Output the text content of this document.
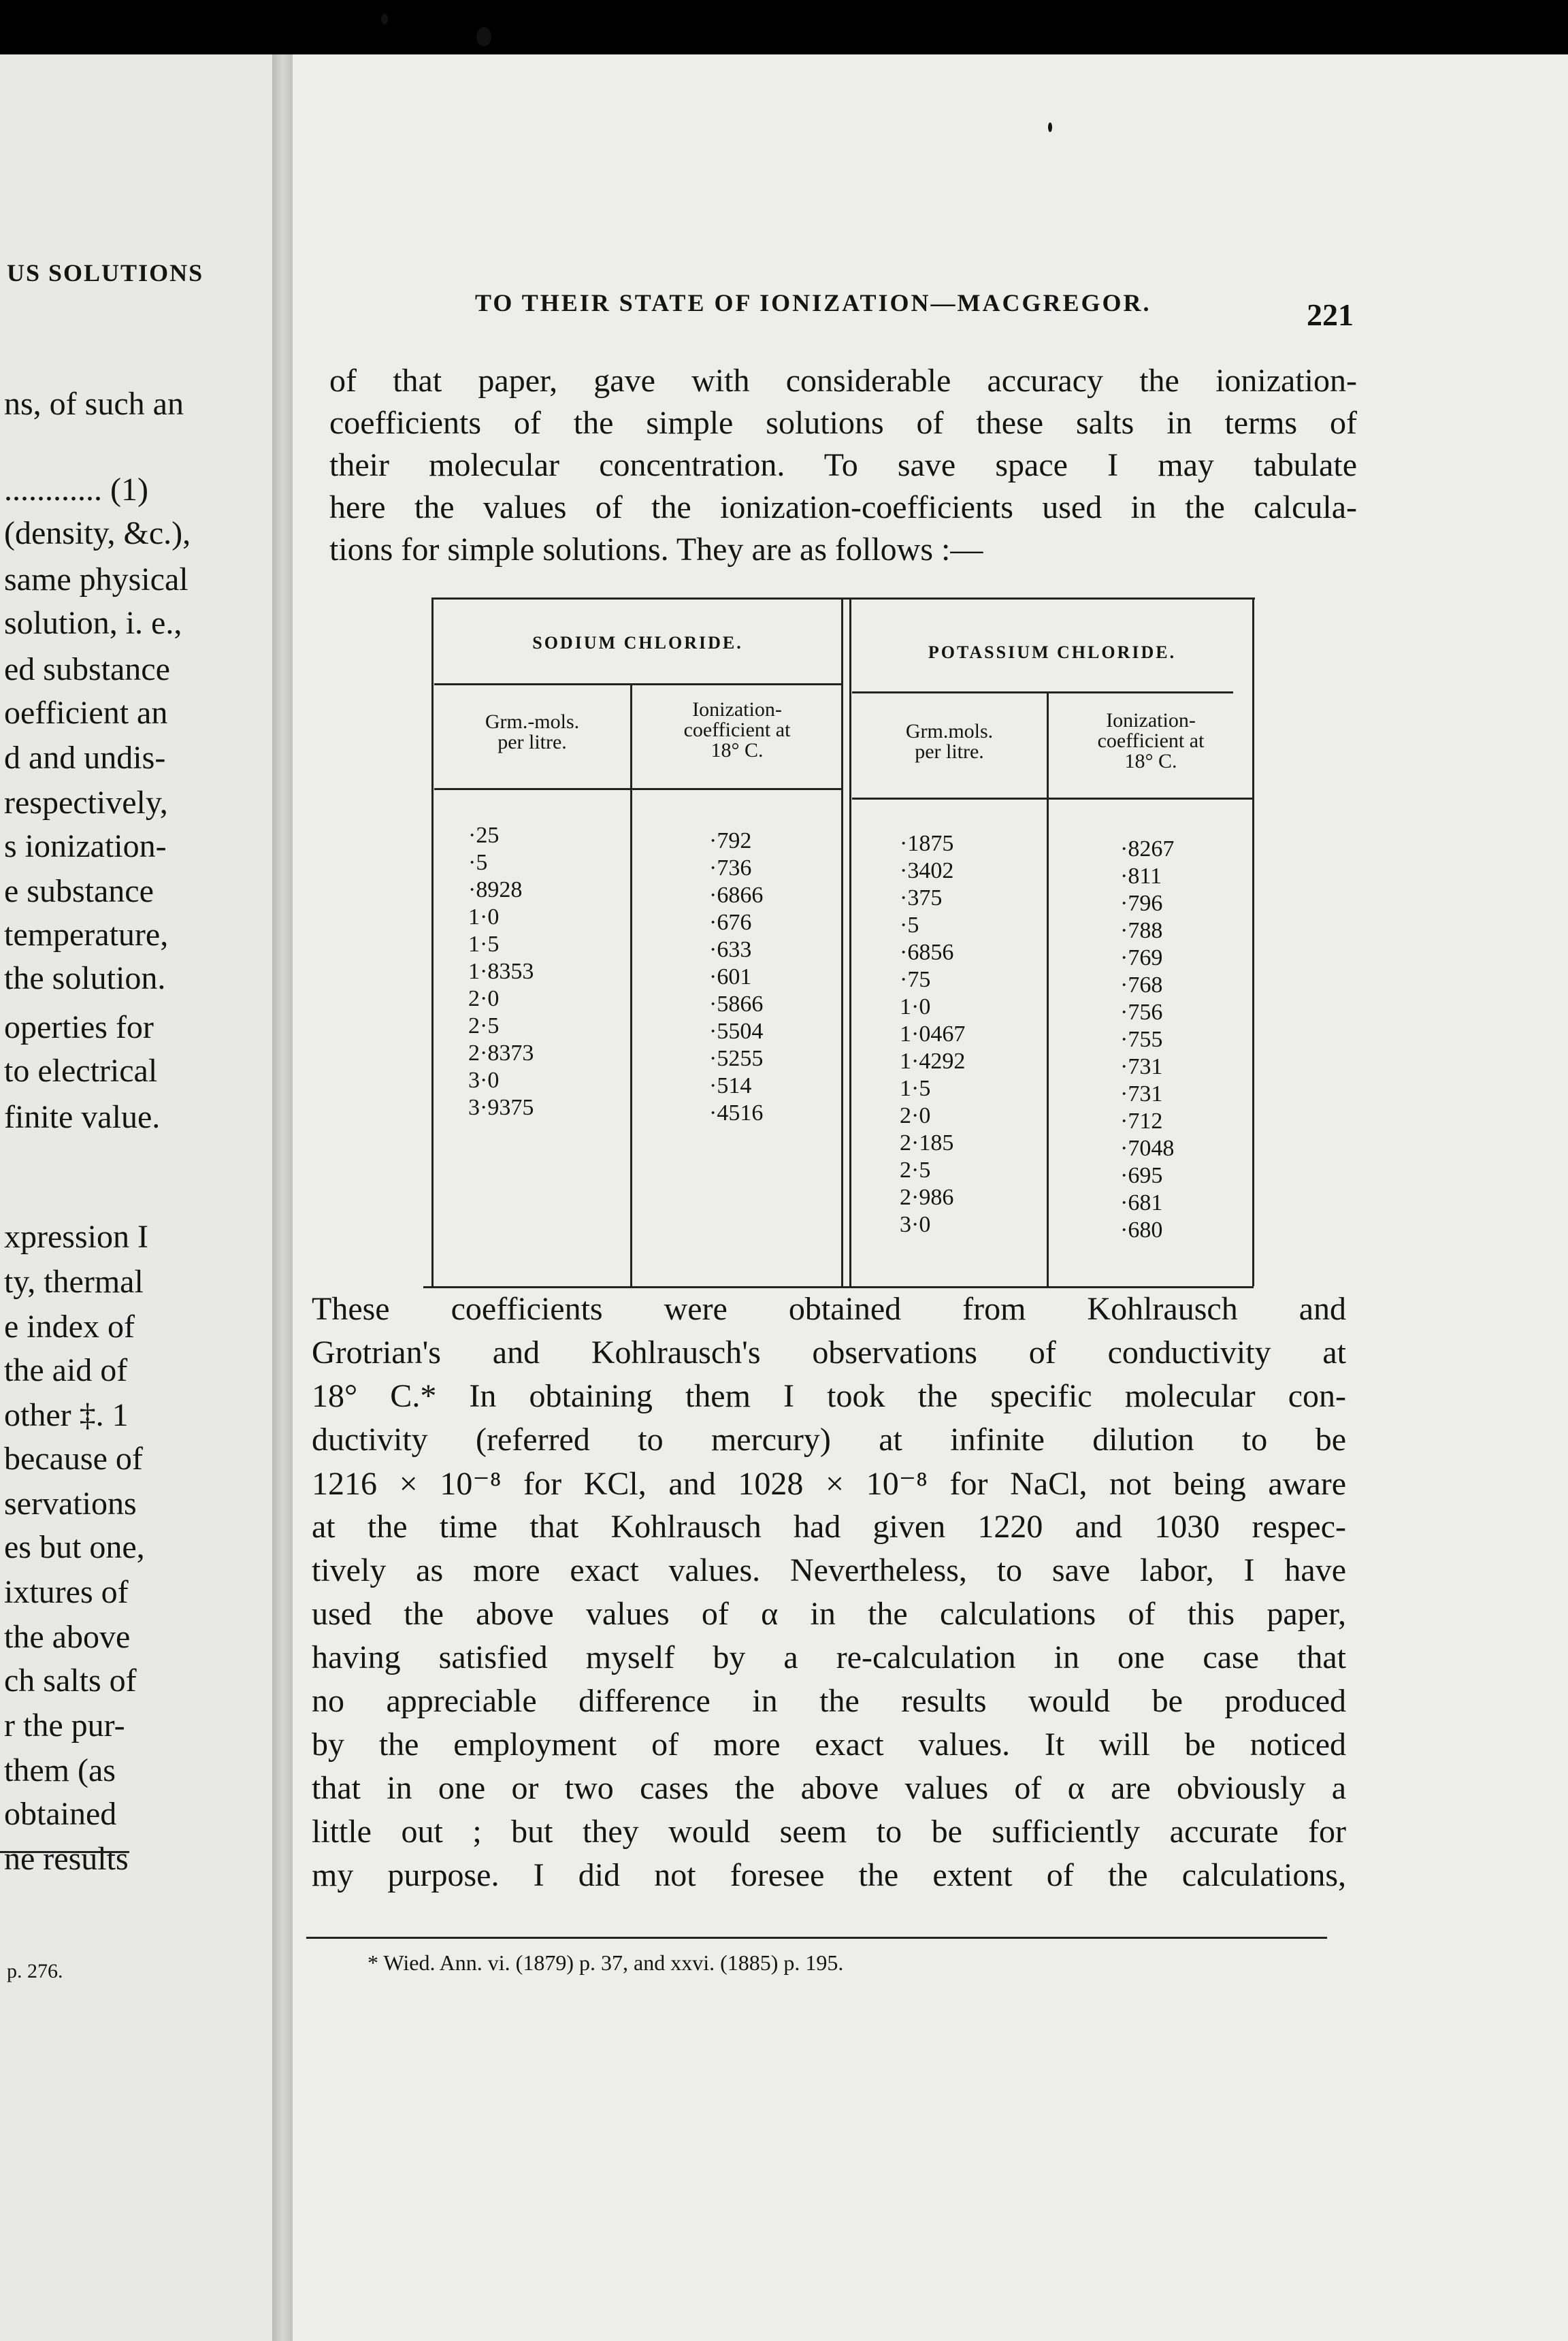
US SOLUTIONS
ns, of such an
............ (1)
(density, &c.),
same physical
solution, i. e.,
ed substance
oefficient an
d and undis-
respectively,
s ionization-
e substance
temperature,
the solution.
operties for
to electrical
finite value.
xpression I
ty, thermal
e index of
the aid of
other ‡. 1
because of
servations
es but one,
ixtures of
the above
ch salts of
r the pur-
them (as
obtained
ne results
p. 276.
TO THEIR STATE OF IONIZATION—MACGREGOR.	221
of that paper, gave with considerable accuracy the ionization-
coefficients of the simple solutions of these salts in terms of
their molecular concentration. To save space I may tabulate
here the values of the ionization-coefficients used in the calcula-
tions for simple solutions. They are as follows :—
SODIUM CHLORIDE.	POTASSIUM CHLORIDE.
Grm.-mols.
per litre.
Ionization-
coefficient at
18° C.
Grm.mols.
per litre.
Ionization-
coefficient at
18° C.
·25
·5
·8928
1·0
1·5
1·8353
2·0
2·5
2·8373
3·0
3·9375
·792
·736
·6866
·676
·633
·601
·5866
·5504
·5255
·514
·4516
·1875
·3402
·375
·5
·6856
·75
1·0
1·0467
1·4292
1·5
2·0
2·185
2·5
2·986
3·0
·8267
·811
·796
·788
·769
·768
·756
·755
·731
·731
·712
·7048
·695
·681
·680
These coefficients were obtained from Kohlrausch and
Grotrian's and Kohlrausch's observations of conductivity at
18° C.* In obtaining them I took the specific molecular con-
ductivity (referred to mercury) at infinite dilution to be
1216 × 10⁻⁸ for KCl, and 1028 × 10⁻⁸ for NaCl, not being aware
at the time that Kohlrausch had given 1220 and 1030 respec-
tively as more exact values. Nevertheless, to save labor, I have
used the above values of α in the calculations of this paper,
having satisfied myself by a re-calculation in one case that
no appreciable difference in the results would be produced
by the employment of more exact values. It will be noticed
that in one or two cases the above values of α are obviously a
little out ; but they would seem to be sufficiently accurate for
my purpose. I did not foresee the extent of the calculations,
* Wied. Ann. vi. (1879) p. 37, and xxvi. (1885) p. 195.
